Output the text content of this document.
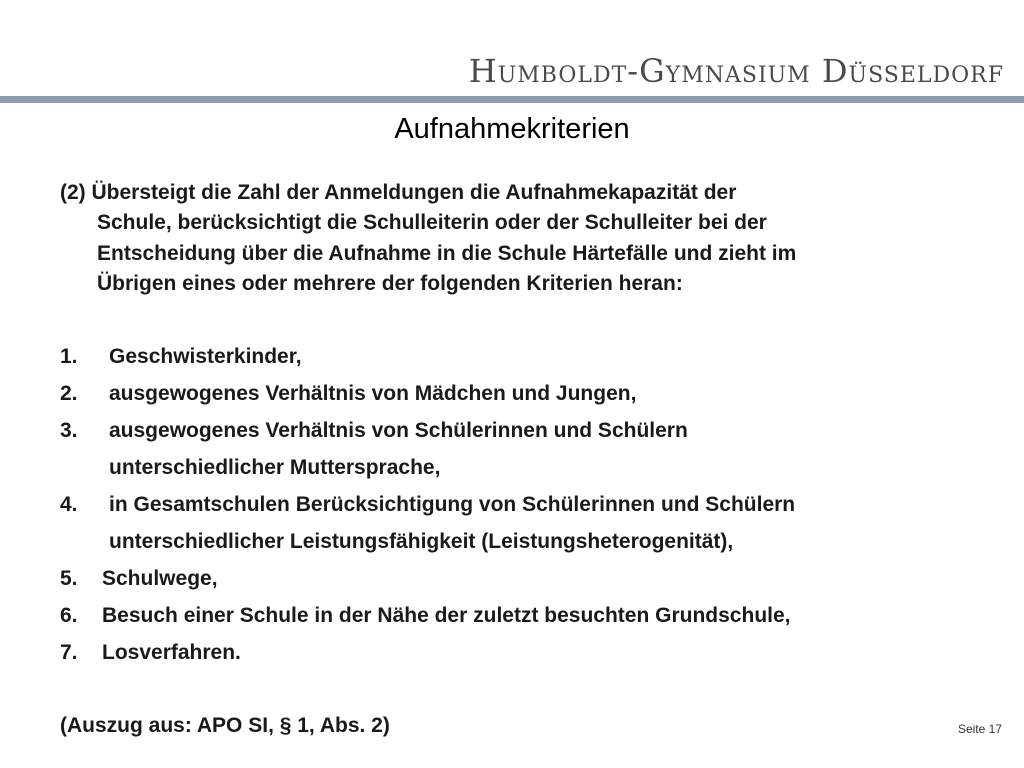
Humboldt-Gymnasium Düsseldorf
Aufnahmekriterien
(2) Übersteigt die Zahl der Anmeldungen die Aufnahmekapazität der
Schule, berücksichtigt die Schulleiterin oder der Schulleiter bei der
Entscheidung über die Aufnahme in die Schule Härtefälle und zieht im
Übrigen eines oder mehrere der folgenden Kriterien heran:
1. Geschwisterkinder,
2. ausgewogenes Verhältnis von Mädchen und Jungen,
3. ausgewogenes Verhältnis von Schülerinnen und Schülern
unterschiedlicher Muttersprache,
4. in Gesamtschulen Berücksichtigung von Schülerinnen und Schülern
unterschiedlicher Leistungsfähigkeit (Leistungsheterogenität),
5. Schulwege,
6. Besuch einer Schule in der Nähe der zuletzt besuchten Grundschule,
7. Losverfahren.
(Auszug aus: APO SI, § 1, Abs. 2)	Seite 17
